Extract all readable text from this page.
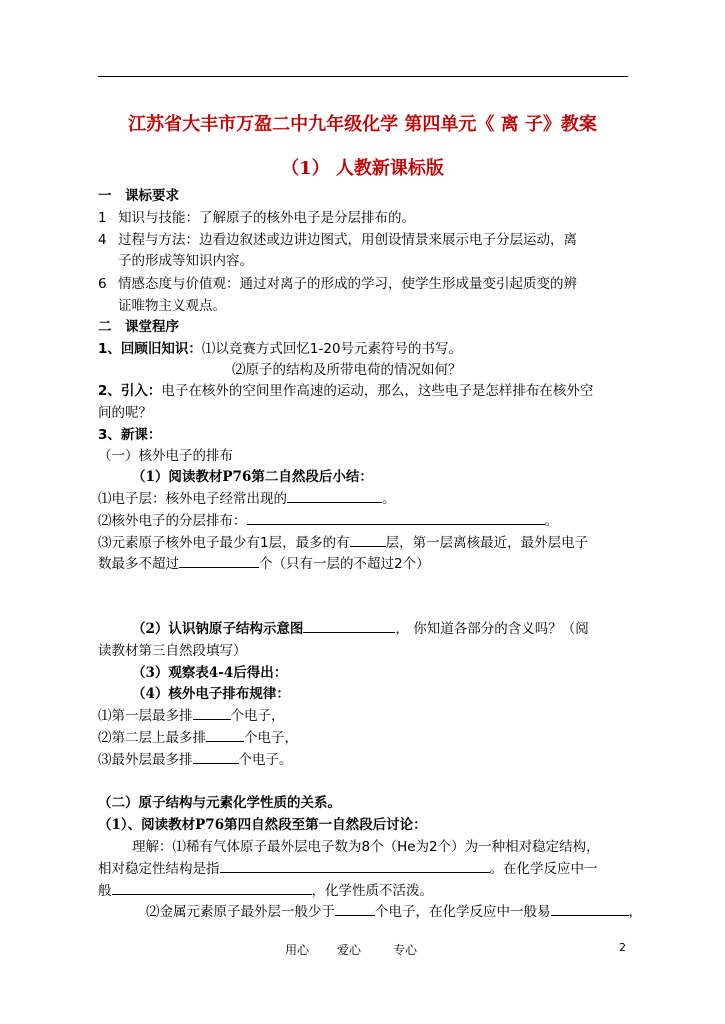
江苏省大丰市万盈二中九年级化学 第四单元《 离 子》教案
（1） 人教新课标版
一　课标要求
1 知识与技能：了解原子的核外电子是分层排布的。
4 过程与方法：边看边叙述或边讲边图式，用创设情景来展示电子分层运动，离
子的形成等知识内容。
6 情感态度与价值观：通过对离子的形成的学习，使学生形成量变引起质变的辨
证唯物主义观点。
二　课堂程序
1、回顾旧知识：⑴以竞赛方式回忆1-20号元素符号的书写。
⑵原子的结构及所带电荷的情况如何？
2、引入：电子在核外的空间里作高速的运动，那么，这些电子是怎样排布在核外空
间的呢？
3、新课：
（一）核外电子的排布
（1）阅读教材P76第二自然段后小结：
⑴电子层：核外电子经常出现的	。
⑵核外电子的分层排布：	。
⑶元素原子核外电子最少有1层，最多的有	层，第一层离核最近，最外层电子
数最多不超过	个（只有一层的不超过2个）
（2）认识钠原子结构示意图	， 你知道各部分的含义吗？（阅
读教材第三自然段填写）
（3）观察表4-4后得出：
（4）核外电子排布规律：
⑴第一层最多排	个电子，
⑵第二层上最多排	个电子，
⑶最外层最多排	个电子。
（二）原子结构与元素化学性质的关系。
（1）、阅读教材P76第四自然段至第一自然段后讨论：
理解：⑴稀有气体原子最外层电子数为8个（He为2个）为一种相对稳定结构，
相对稳定性结构是指	。在化学反应中一
般	，化学性质不活泼。
⑵金属元素原子最外层一般少于	个电子，在化学反应中一般易	，
用心 爱心	专心	2
